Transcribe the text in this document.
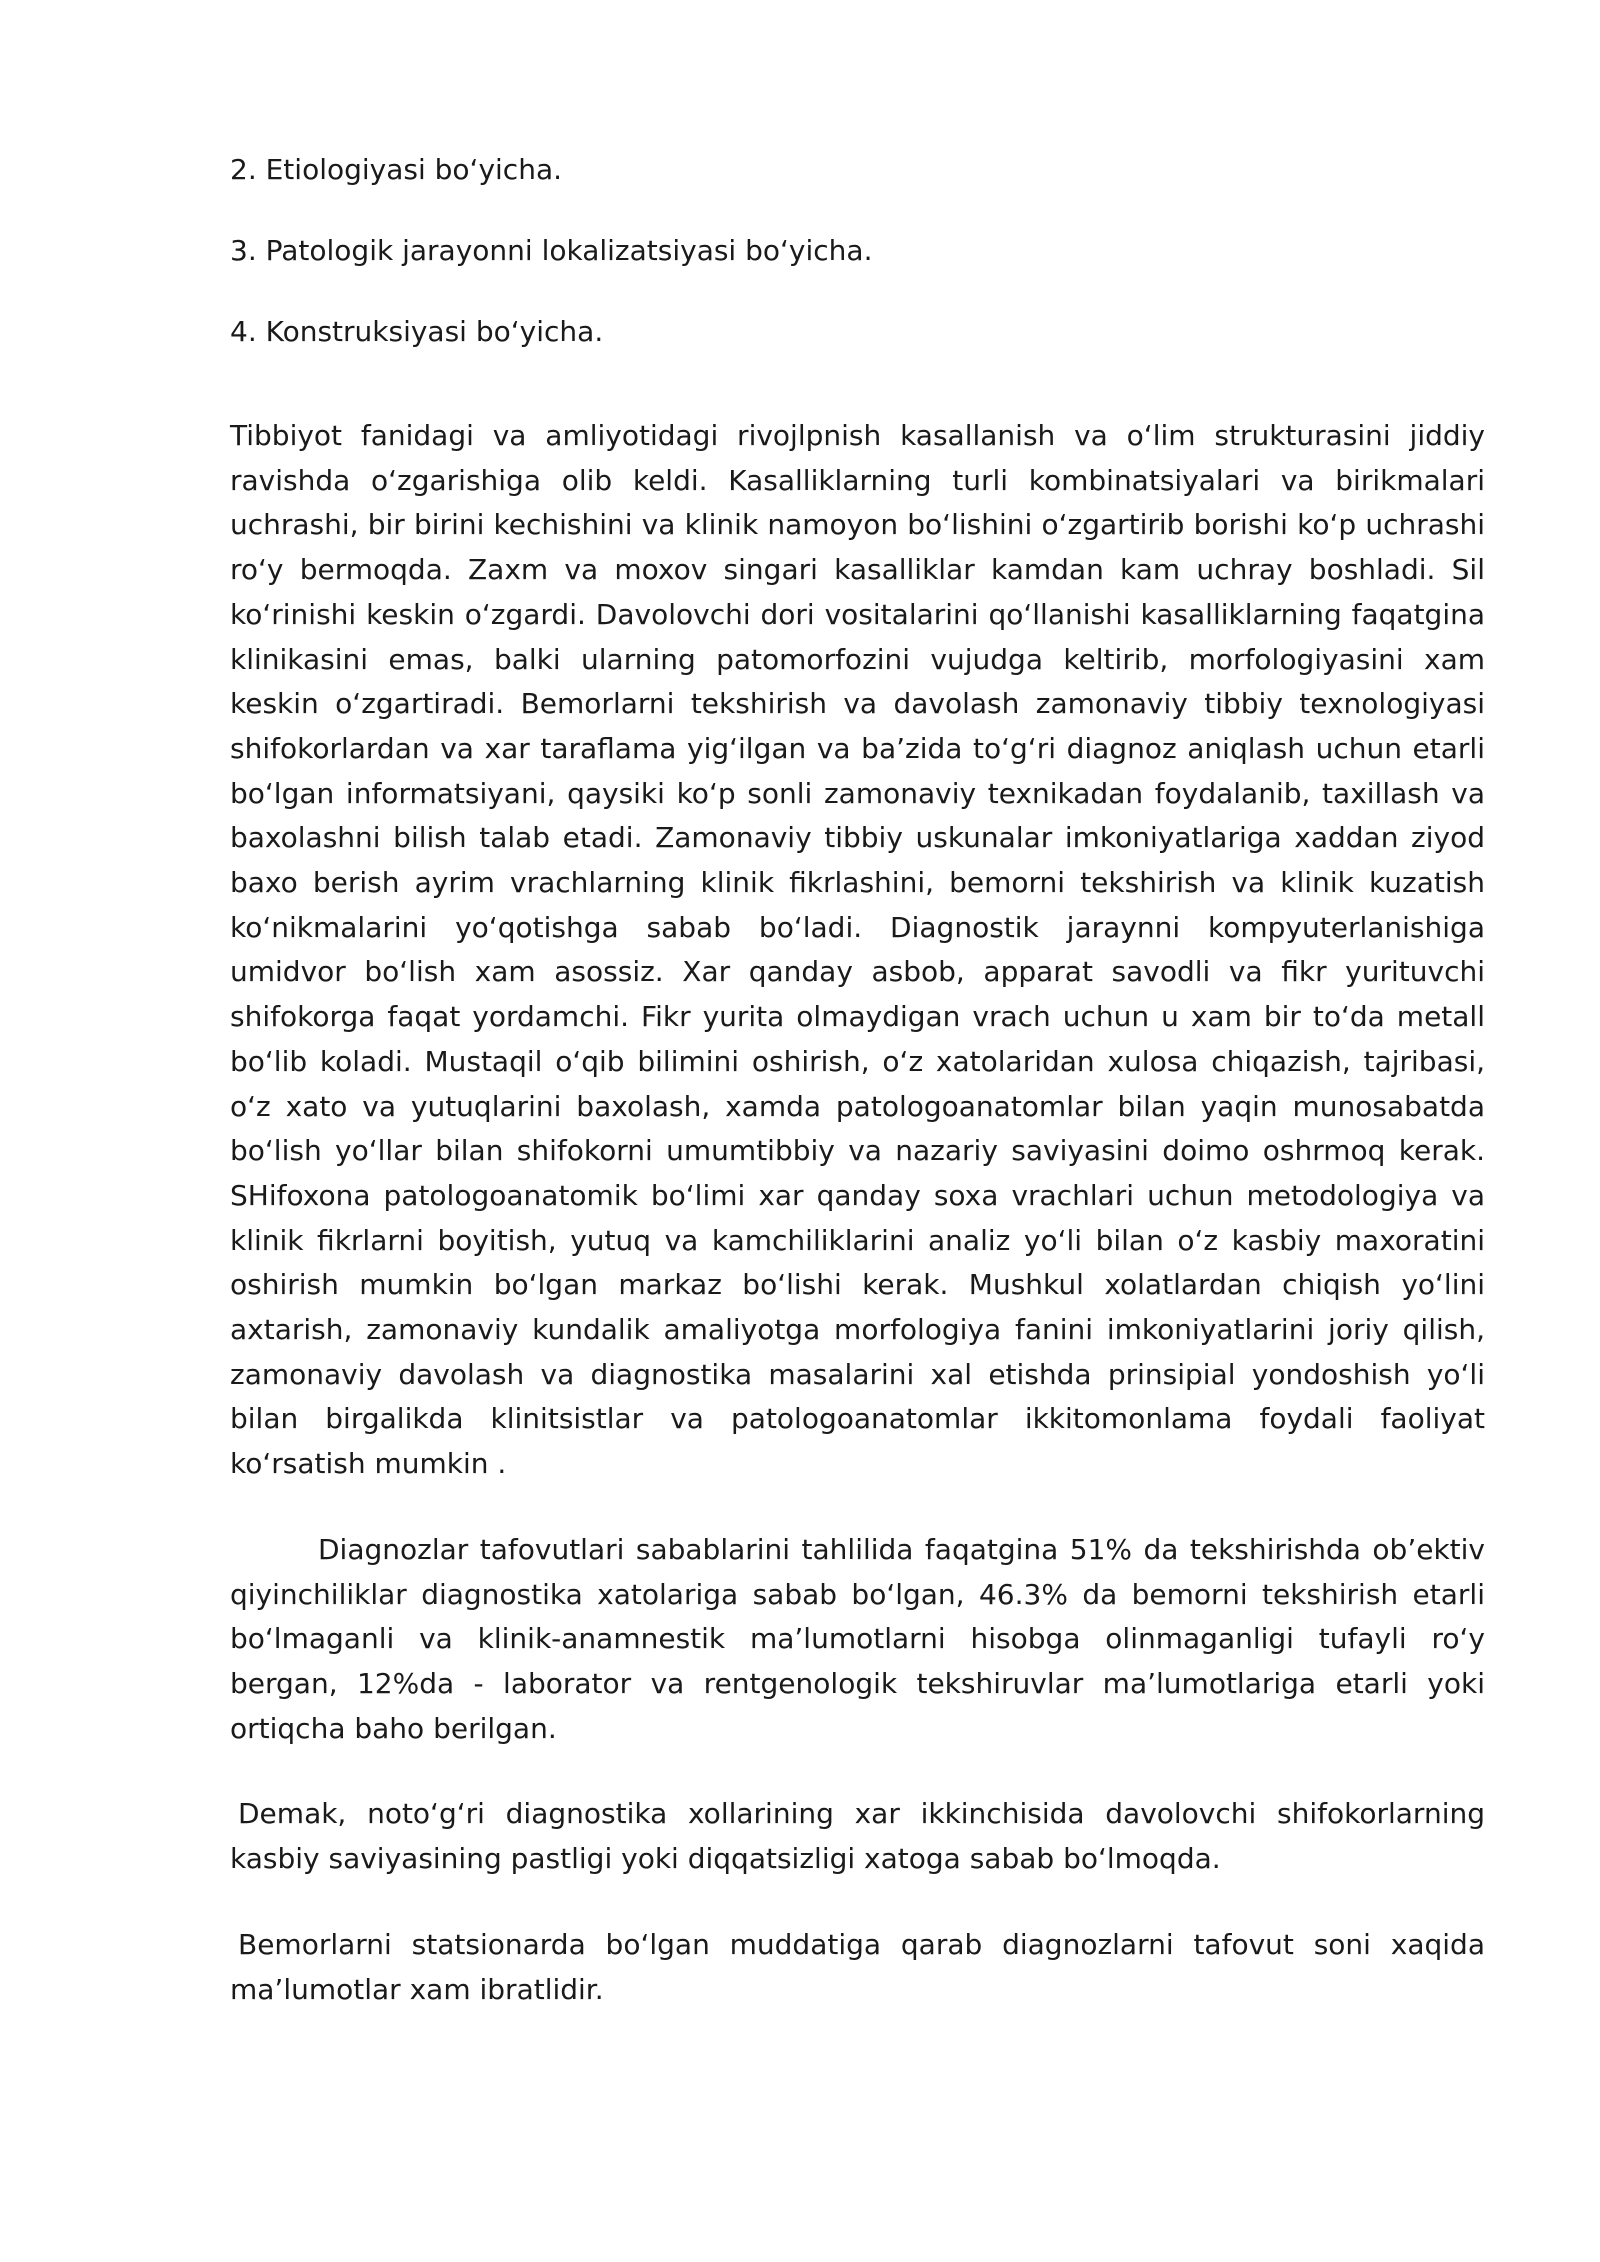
2. Etiologiyasi bo‘yicha.

3. Patologik jarayonni lokalizatsiyasi bo‘yicha.

4. Konstruksiyasi bo‘yicha.

Tibbiyot fanidagi va amliyotidagi rivojlpnish kasallanish va o‘lim strukturasini jiddiy ravishda o‘zgarishiga olib keldi. Kasalliklarning turli kombinatsiyalari va birikmalari uchrashi, bir birini kechishini va klinik namoyon bo‘lishini o‘zgartirib borishi ko‘p uchrashi ro‘y bermoqda. Zaxm va moxov singari kasalliklar kamdan kam uchray boshladi. Sil ko‘rinishi keskin o‘zgardi. Davolovchi dori vositalarini qo‘llanishi kasalliklarning faqatgina klinikasini emas, balki ularning patomorfozini vujudga keltirib, morfologiyasini xam keskin o‘zgartiradi. Bemorlarni tekshirish va davolash zamonaviy tibbiy texnologiyasi shifokorlardan va xar taraflama yig‘ilgan va ba’zida to‘g‘ri diagnoz aniqlash uchun etarli bo‘lgan informatsiyani, qaysiki ko‘p sonli zamonaviy texnikadan foydalanib, taxillash va baxolashni bilish talab etadi. Zamonaviy tibbiy uskunalar imkoniyatlariga xaddan ziyod baxo berish ayrim vrachlarning klinik fikrlashini, bemorni tekshirish va klinik kuzatish ko‘nikmalarini yo‘qotishga sabab bo‘ladi. Diagnostik jaraynni kompyuterlanishiga umidvor bo‘lish xam asossiz. Xar qanday asbob, apparat savodli va fikr yurituvchi shifokorga faqat yordamchi. Fikr yurita olmaydigan vrach uchun u xam bir to‘da metall bo‘lib koladi. Mustaqil o‘qib bilimini oshirish, o‘z xatolaridan xulosa chiqazish, tajribasi, o‘z xato va yutuqlarini baxolash, xamda patologoanatomlar bilan yaqin munosabatda bo‘lish yo‘llar bilan shifokorni umumtibbiy va nazariy saviyasini doimo oshrmoq kerak. SHifoxona patologoanatomik bo‘limi xar qanday soxa vrachlari uchun metodologiya va klinik fikrlarni boyitish, yutuq va kamchiliklarini analiz yo‘li bilan o‘z kasbiy maxoratini oshirish mumkin bo‘lgan markaz bo‘lishi kerak. Mushkul xolatlardan chiqish yo‘lini axtarish, zamonaviy kundalik amaliyotga morfologiya fanini imkoniyatlarini joriy qilish, zamonaviy davolash va diagnostika masalarini xal etishda prinsipial yondoshish yo‘li bilan birgalikda klinitsistlar va patologoanatomlar ikkitomonlama foydali faoliyat ko‘rsatish mumkin .

Diagnozlar tafovutlari sabablarini tahlilida faqatgina 51% da tekshirishda ob’ektiv qiyinchiliklar diagnostika xatolariga sabab bo‘lgan, 46.3% da bemorni tekshirish etarli bo‘lmaganli va klinik-anamnestik ma’lumotlarni hisobga olinmaganligi tufayli ro‘y bergan, 12%da - laborator va rentgenologik tekshiruvlar ma’lumotlariga etarli yoki ortiqcha baho berilgan.

Demak, noto‘g‘ri diagnostika xollarining xar ikkinchisida davolovchi shifokorlarning kasbiy saviyasining pastligi yoki diqqatsizligi xatoga sabab bo‘lmoqda.

Bemorlarni statsionarda bo‘lgan muddatiga qarab diagnozlarni tafovut soni xaqida ma’lumotlar xam ibratlidir.
